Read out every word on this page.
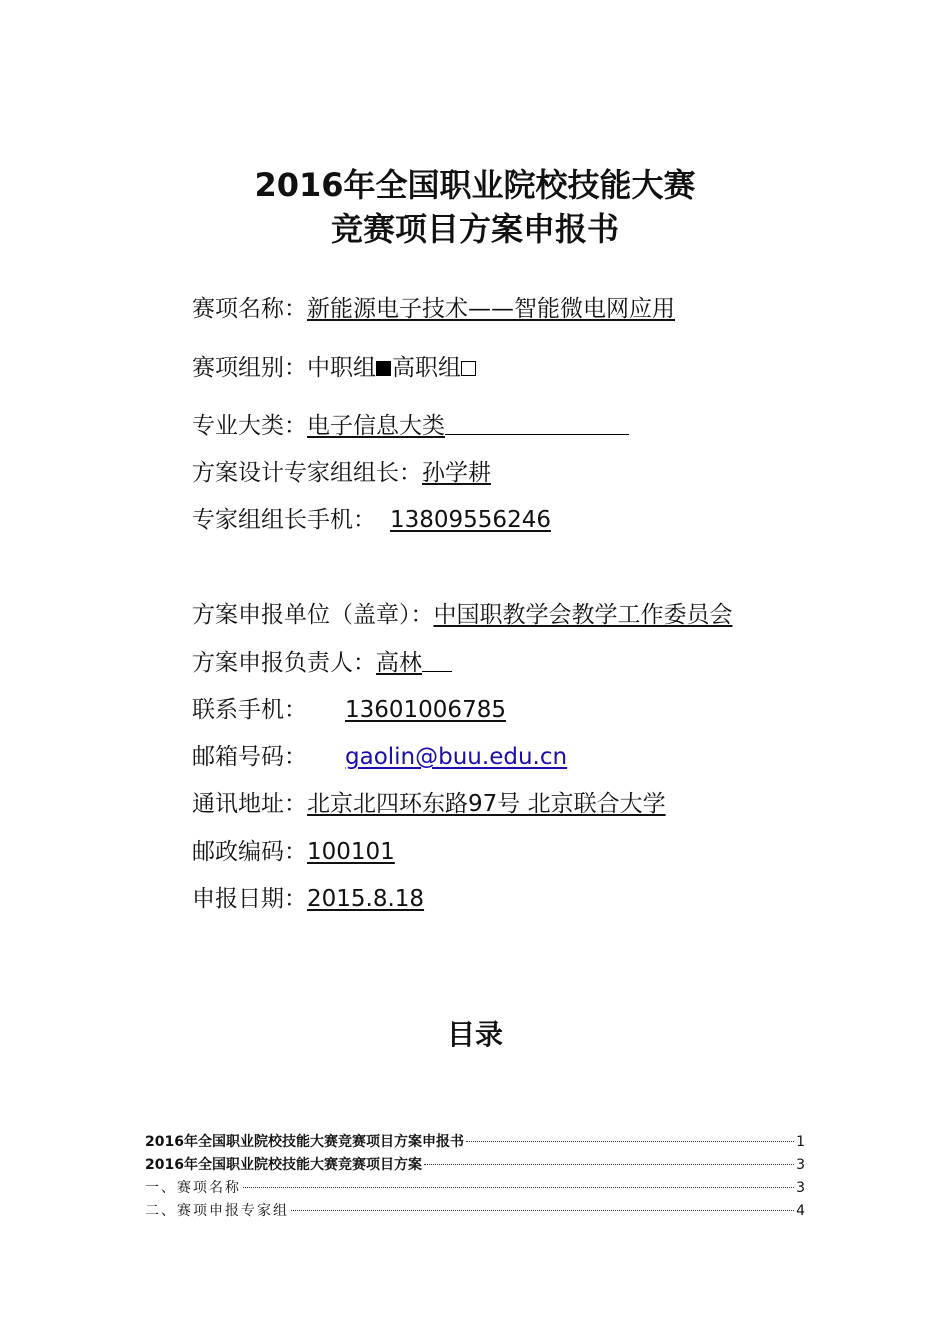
2016年全国职业院校技能大赛
竞赛项目方案申报书
赛项名称：新能源电子技术——智能微电网应用
赛项组别：中职组 高职组
专业大类：电子信息大类
方案设计专家组组长：孙学耕
专家组组长手机： 13809556246
方案申报单位（盖章）：中国职教学会教学工作委员会
方案申报负责人：高林
联系手机： 13601006785
邮箱号码： gaolin@buu.edu.cn
通讯地址：北京北四环东路97号 北京联合大学
邮政编码：100101
申报日期：2015.8.18
目录
2016年全国职业院校技能大赛竞赛项目方案申报书	1
2016年全国职业院校技能大赛竞赛项目方案	3
一、赛项名称	3
二、赛项申报专家组	4
